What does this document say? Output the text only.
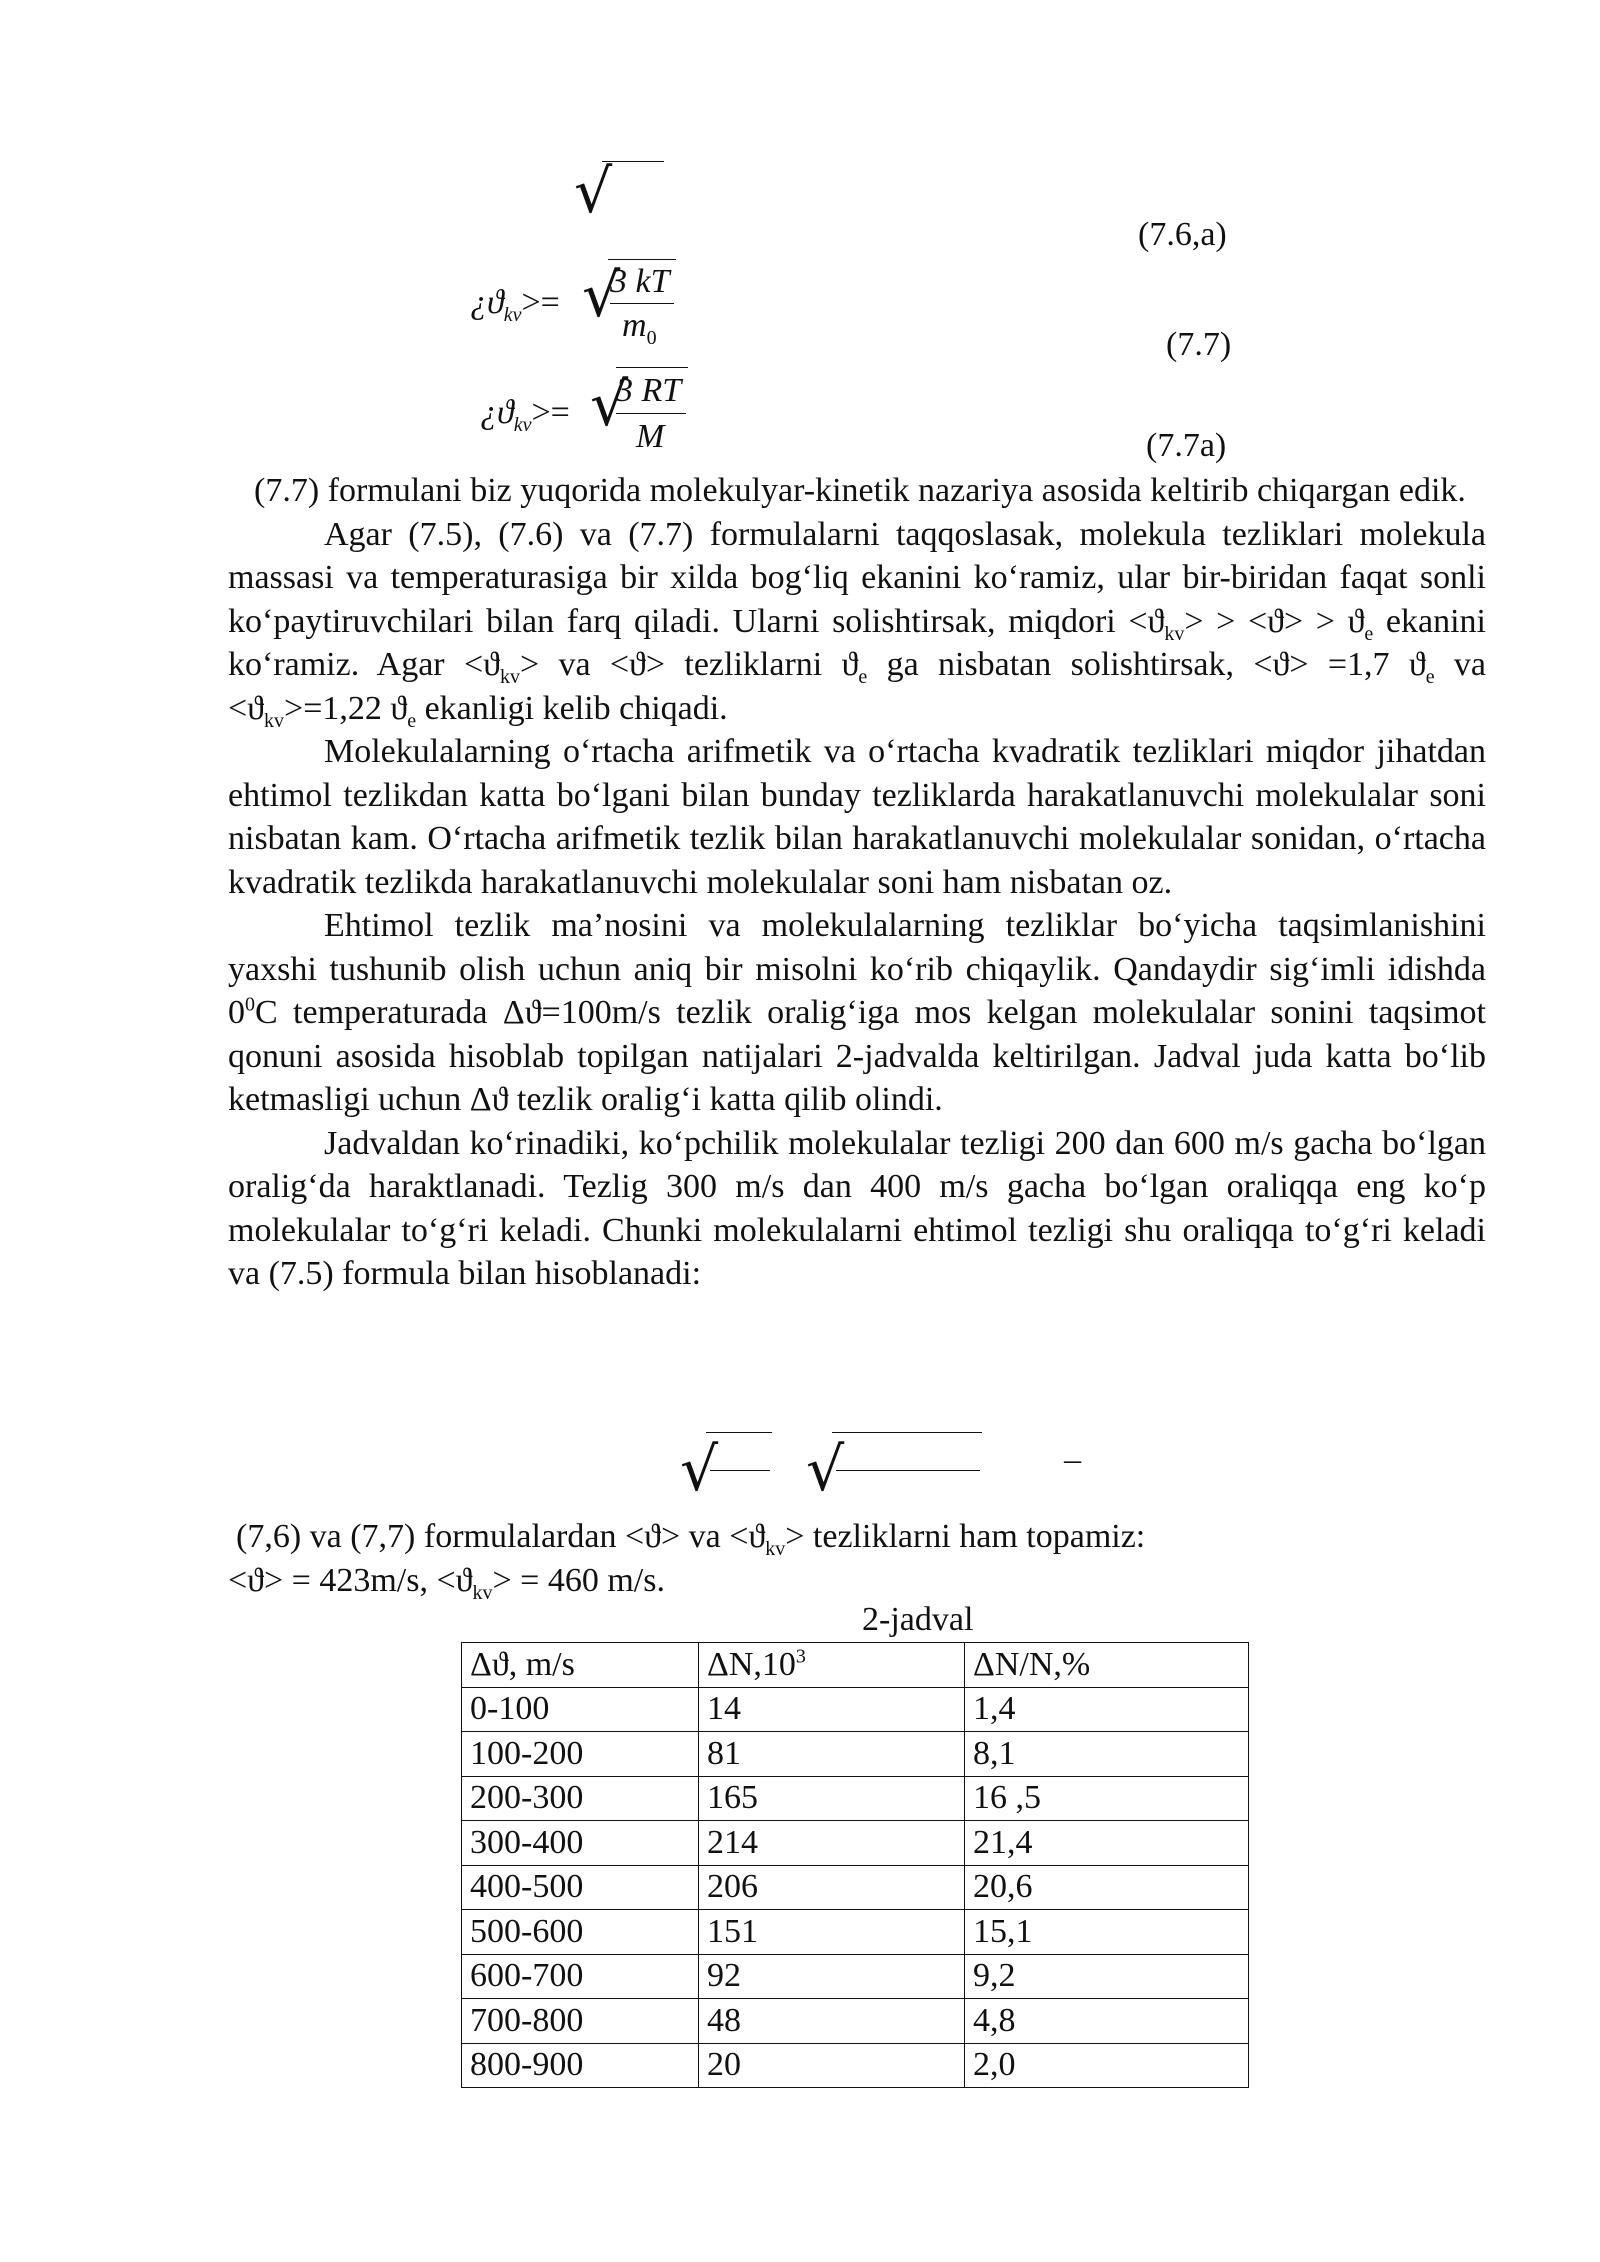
√
(7.6,a)
¿$ϑ_{kv}>=$ √
3 kT
$m_0$	(7.7)
¿$ϑ_{kv}>=$ √
3 RT
M	(7.7a)

(7.7) formulani biz yuqorida molekulyar-kinetik nazariya asosida keltirib chiqargan edik.

Agar (7.5), (7.6) va (7.7) formulalarni taqqoslasak, molekula tezliklari molekula massasi va temperaturasiga bir xilda bog‘liq ekanini ko‘ramiz, ular bir-biridan faqat sonli ko‘paytiruvchilari bilan farq qiladi. Ularni solishtirsak, miqdori $<ϑ_{kv}> > <ϑ> > ϑ_e$ ekanini ko‘ramiz. Agar $<ϑ_{kv}>$ va <ϑ> tezliklarni $ϑ_e$ ga nisbatan solishtirsak, <ϑ> =1,7 $ϑ_e$ va $<ϑ_{kv}>=1,22$ $ϑ_e$ ekanligi kelib chiqadi.

Molekulalarning o‘rtacha arifmetik va o‘rtacha kvadratik tezliklari miqdor jihatdan ehtimol tezlikdan katta bo‘lgani bilan bunday tezliklarda harakatlanuvchi molekulalar soni nisbatan kam. O‘rtacha arifmetik tezlik bilan harakatlanuvchi molekulalar sonidan, o‘rtacha kvadratik tezlikda harakatlanuvchi molekulalar soni ham nisbatan oz.

Ehtimol tezlik ma’nosini va molekulalarning tezliklar bo‘yicha taqsimlanishini yaxshi tushunib olish uchun aniq bir misolni ko‘rib chiqaylik. Qandaydir sig‘imli idishda $0^0C$ temperaturada Δϑ=100m/s tezlik oralig‘iga mos kelgan molekulalar sonini taqsimot qonuni asosida hisoblab topilgan natijalari 2-jadvalda keltirilgan. Jadval juda katta bo‘lib ketmasligi uchun Δϑ tezlik oralig‘i katta qilib olindi.

Jadvaldan ko‘rinadiki, ko‘pchilik molekulalar tezligi 200 dan 600 m/s gacha bo‘lgan oralig‘da haraktlanadi. Tezlig 300 m/s dan 400 m/s gacha bo‘lgan oraliqqa eng ko‘p molekulalar to‘g‘ri keladi. Chunki molekulalarni ehtimol tezligi shu oraliqqa to‘g‘ri keladi va (7.5) formula bilan hisoblanadi:

√ √	–

(7,6) va (7,7) formulalardan <ϑ> va $<ϑ_{kv}>$ tezliklarni ham topamiz:

<ϑ> = 423m/s, $<ϑ_{kv}> = 460$ m/s.

2-jadval
Δϑ, m/s	$\Delta N,10^3$	ΔN/N,%
0-100	14	1,4
100-200	81	8,1
200-300	165	16 ,5
300-400	214	21,4
400-500	206	20,6
500-600	151	15,1
600-700	92	9,2
700-800	48	4,8
800-900	20	2,0
